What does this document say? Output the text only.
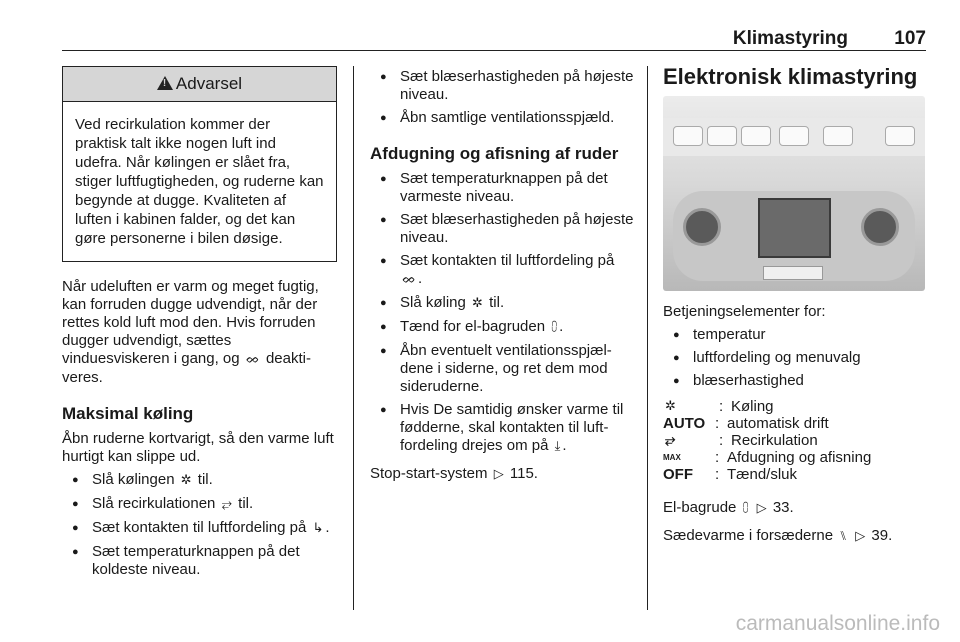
Klimastyring 107
!
Advarsel
Ved recirkulation kommer der praktisk talt ikke nogen luft ind udefra. Når kølingen er slået fra, stiger luftfugtigheden, og ruderne kan begynde at dugge. Kvaliteten af luften i kabinen falder, og det kan gøre personerne i bilen døsige.
Når udeluften er varm og meget fugtig, kan forruden dugge udvendigt, når der rettes kold luft mod den. Hvis forruden dugger udvendigt, sættes vinduesviskeren i gang, og ᨖ deaktiveres.
Maksimal køling
Åbn ruderne kortvarigt, så den varme luft hurtigt kan slippe ud.
● Slå kølingen ✲ til.
● Slå recirkulationen ⥂ til.
● Sæt kontakten til luftfordeling på ↳ .
● Sæt temperaturknappen på det koldeste niveau.
● Sæt blæserhastigheden på højeste niveau.
● Åbn samtlige ventilationsspjæld.
Afdugning og afisning af ruder
● Sæt temperaturknappen på det varmeste niveau.
● Sæt blæserhastigheden på højeste niveau.
● Sæt kontakten til luftfordeling på ᨖ .
● Slå køling ✲ til.
● Tænd for el-bagruden ⩇ .
● Åbn eventuelt ventilationsspjældene i siderne, og ret dem mod sideruderne.
● Hvis De samtidig ønsker varme til fødderne, skal kontakten til luftfordeling drejes om på ⤓ .
Stop-start-system ▷ 115.
Elektronisk klimastyring
Betjeningselementer for:
● temperatur
● luftfordeling og menuvalg
● blæserhastighed
✲	: Køling
AUTO : automatisk drift
⥂	: Recirkulation
MAX	: Afdugning og afisning
OFF	: Tænd/sluk
El-bagrude ⩇ ▷ 33.
Sædevarme i forsæderne ⑊ ▷ 39.
carmanualsonline.info
